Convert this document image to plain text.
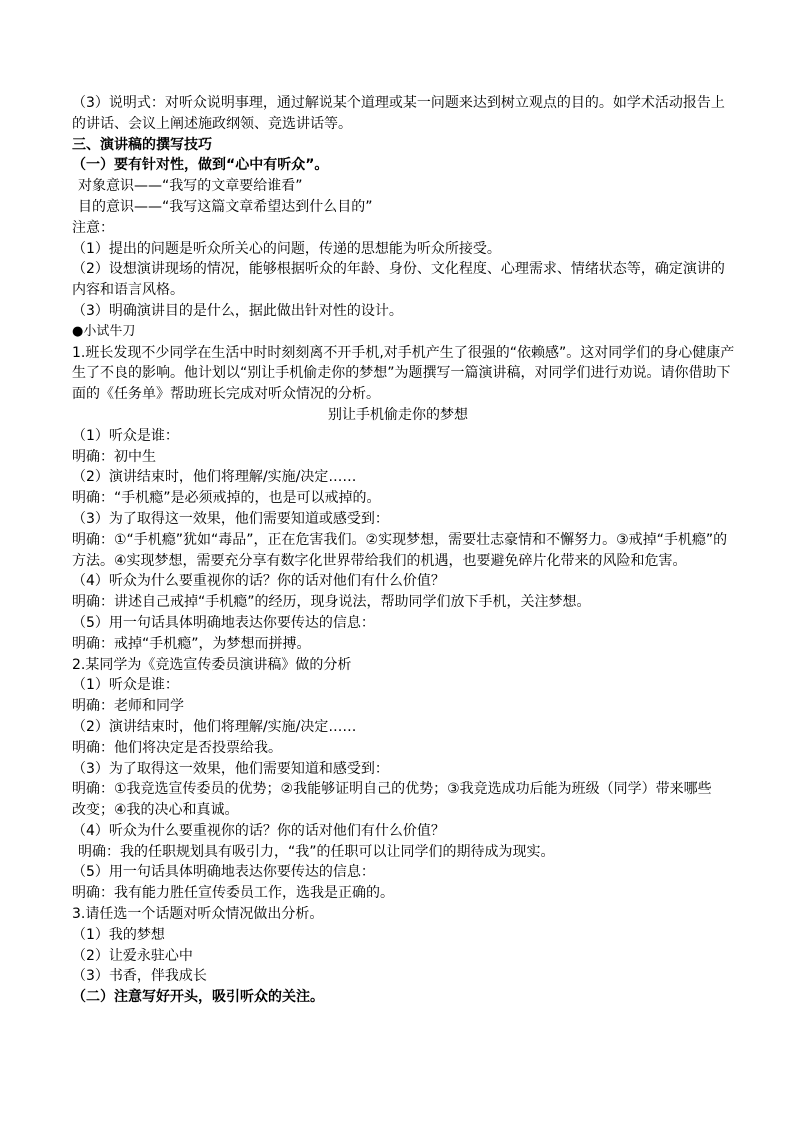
（3）说明式：对听众说明事理，通过解说某个道理或某一问题来达到树立观点的目的。如学术活动报告上
的讲话、会议上阐述施政纲领、竞选讲话等。
三、演讲稿的撰写技巧
（一）要有针对性，做到“心中有听众”。
对象意识——“我写的文章要给谁看”
目的意识——“我写这篇文章希望达到什么目的”
注意：
（1）提出的问题是听众所关心的问题，传递的思想能为听众所接受。
（2）设想演讲现场的情况，能够根据听众的年龄、身份、文化程度、心理需求、情绪状态等，确定演讲的
内容和语言风格。
（3）明确演讲目的是什么，据此做出针对性的设计。
●小试牛刀
1.班长发现不少同学在生活中时时刻刻离不开手机,对手机产生了很强的“依赖感”。这对同学们的身心健康产
生了不良的影响。他计划以“别让手机偷走你的梦想”为题撰写一篇演讲稿，对同学们进行劝说。请你借助下
面的《任务单》帮助班长完成对听众情况的分析。
别让手机偷走你的梦想
（1）听众是谁：
明确：初中生
（2）演讲结束时，他们将理解/实施/决定……
明确：“手机瘾”是必须戒掉的，也是可以戒掉的。
（3）为了取得这一效果，他们需要知道或感受到：
明确：①“手机瘾”犹如“毒品”，正在危害我们。②实现梦想，需要壮志豪情和不懈努力。③戒掉“手机瘾”的
方法。④实现梦想，需要充分享有数字化世界带给我们的机遇，也要避免碎片化带来的风险和危害。
（4）听众为什么要重视你的话？你的话对他们有什么价值？
明确：讲述自己戒掉“手机瘾”的经历，现身说法，帮助同学们放下手机，关注梦想。
（5）用一句话具体明确地表达你要传达的信息：
明确：戒掉“手机瘾”，为梦想而拼搏。
2.某同学为《竞选宣传委员演讲稿》做的分析
（1）听众是谁：
明确：老师和同学
（2）演讲结束时，他们将理解/实施/决定……
明确：他们将决定是否投票给我。
（3）为了取得这一效果，他们需要知道和感受到：
明确：①我竞选宣传委员的优势；②我能够证明自己的优势；③我竞选成功后能为班级（同学）带来哪些
改变；④我的决心和真诚。
（4）听众为什么要重视你的话？你的话对他们有什么价值？
明确：我的任职规划具有吸引力，“我”的任职可以让同学们的期待成为现实。
（5）用一句话具体明确地表达你要传达的信息：
明确：我有能力胜任宣传委员工作，选我是正确的。
3.请任选一个话题对听众情况做出分析。
（1）我的梦想
（2）让爱永驻心中
（3）书香，伴我成长
（二）注意写好开头，吸引听众的关注。
